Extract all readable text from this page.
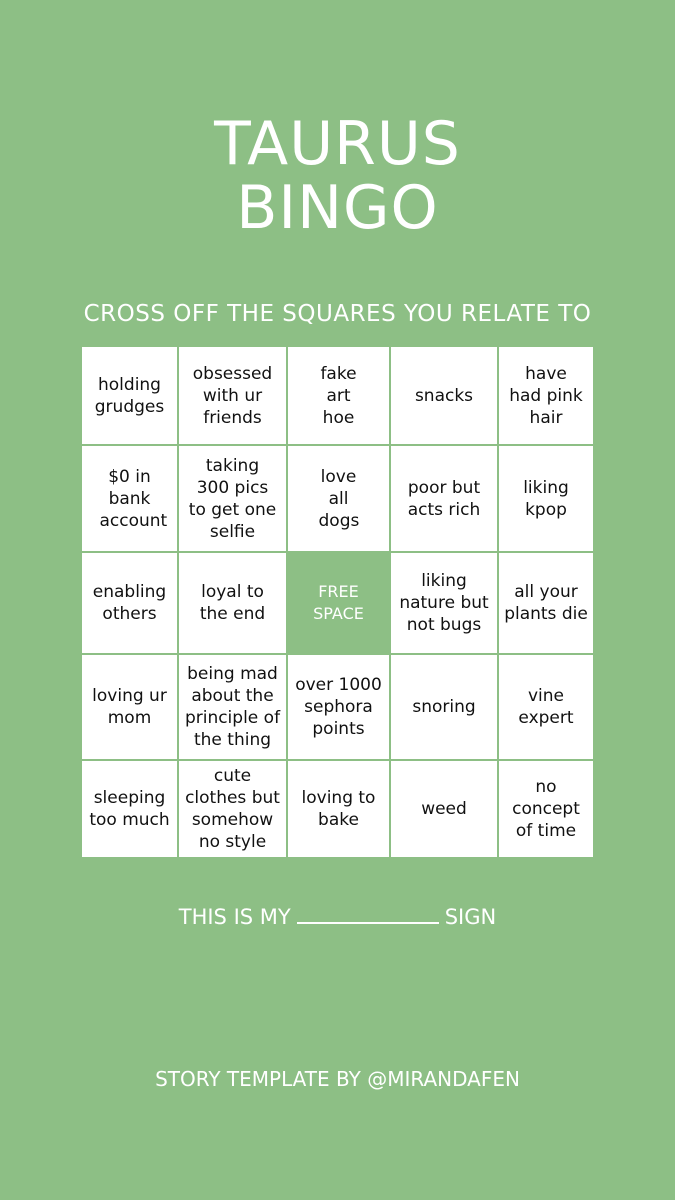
TAURUS
BINGO
CROSS OFF THE SQUARES YOU RELATE TO
holding grudges
obsessed with ur friends
fake art hoe
snacks
have had pink hair
$0 in bank account
taking 300 pics to get one selfie
love all dogs
poor but acts rich
liking kpop
enabling others
loyal to the end
FREE SPACE
liking nature but not bugs
all your plants die
loving ur mom
being mad about the principle of the thing
over 1000 sephora points
snoring
vine expert
sleeping too much
cute clothes but somehow no style
loving to bake
weed
no concept of time
THIS IS MY	SIGN
STORY TEMPLATE BY @MIRANDAFEN
